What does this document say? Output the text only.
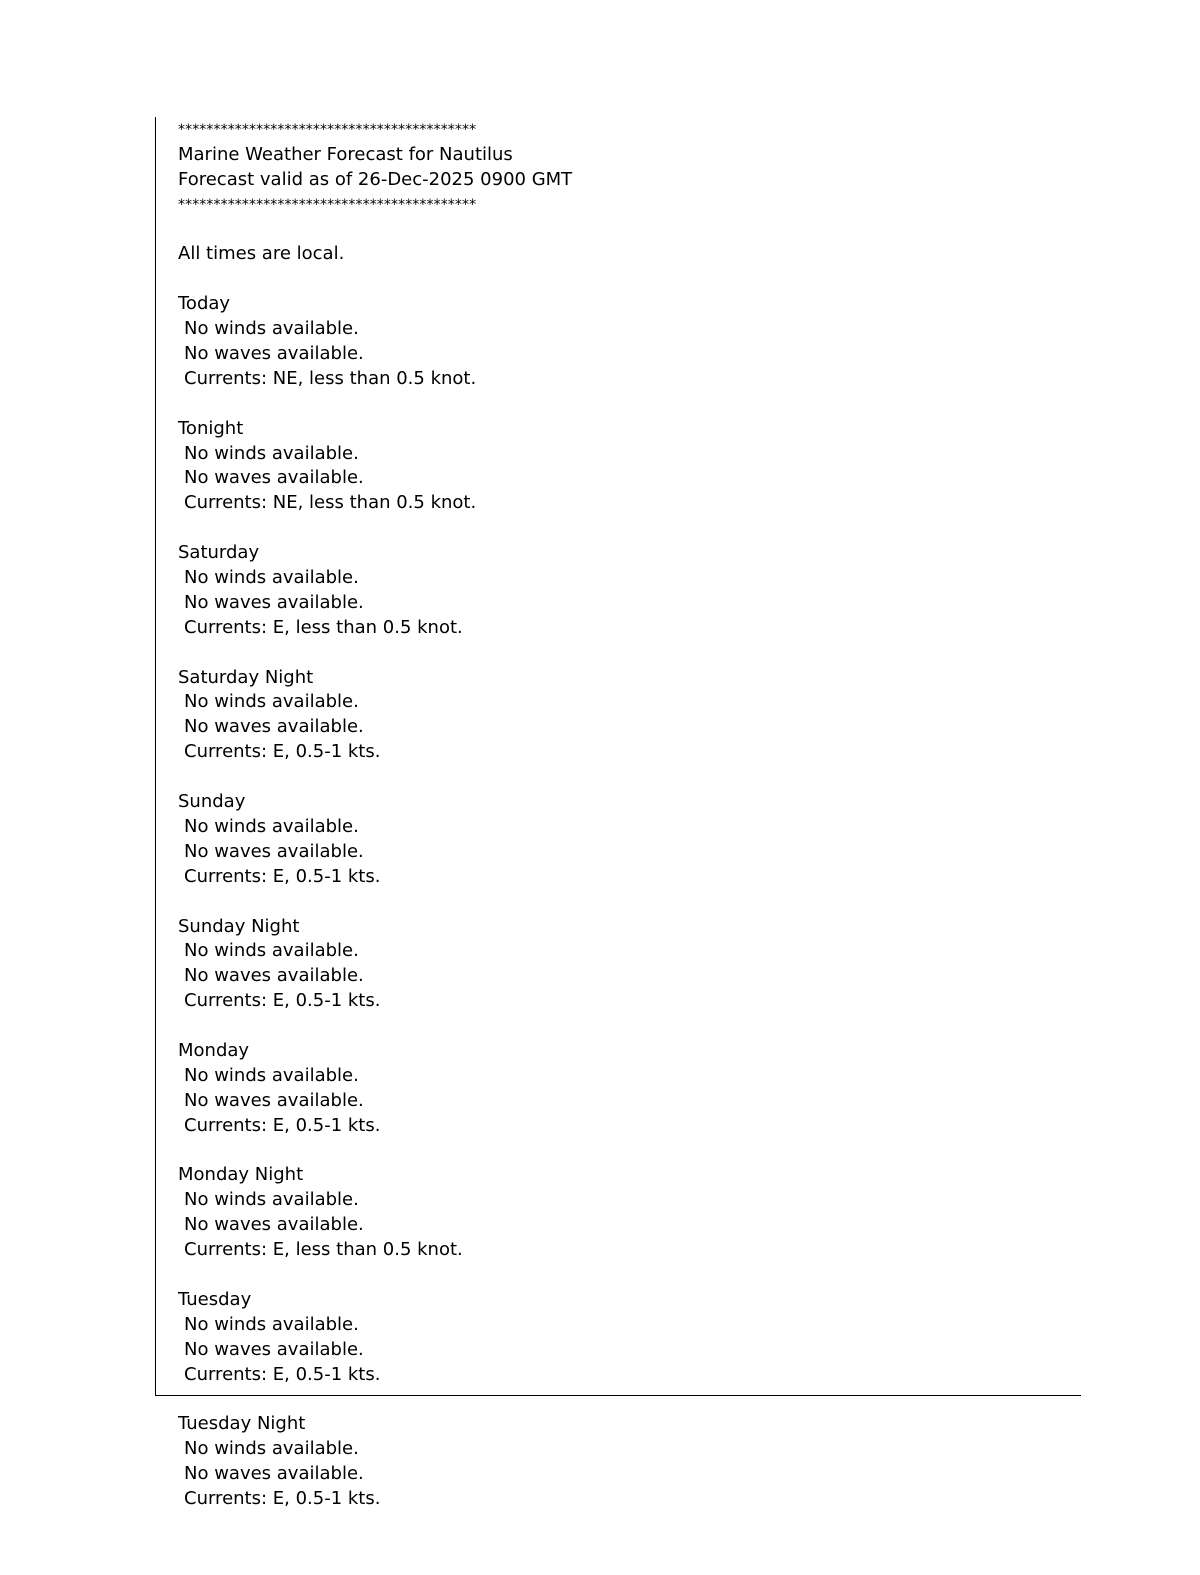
******************************************
Marine Weather Forecast for Nautilus
Forecast valid as of 26-Dec-2025 0900 GMT
******************************************
All times are local.
Today
No winds available.
No waves available.
Currents: NE, less than 0.5 knot.
Tonight
No winds available.
No waves available.
Currents: NE, less than 0.5 knot.
Saturday
No winds available.
No waves available.
Currents: E, less than 0.5 knot.
Saturday Night
No winds available.
No waves available.
Currents: E, 0.5-1 kts.
Sunday
No winds available.
No waves available.
Currents: E, 0.5-1 kts.
Sunday Night
No winds available.
No waves available.
Currents: E, 0.5-1 kts.
Monday
No winds available.
No waves available.
Currents: E, 0.5-1 kts.
Monday Night
No winds available.
No waves available.
Currents: E, less than 0.5 knot.
Tuesday
No winds available.
No waves available.
Currents: E, 0.5-1 kts.
Tuesday Night
No winds available.
No waves available.
Currents: E, 0.5-1 kts.
